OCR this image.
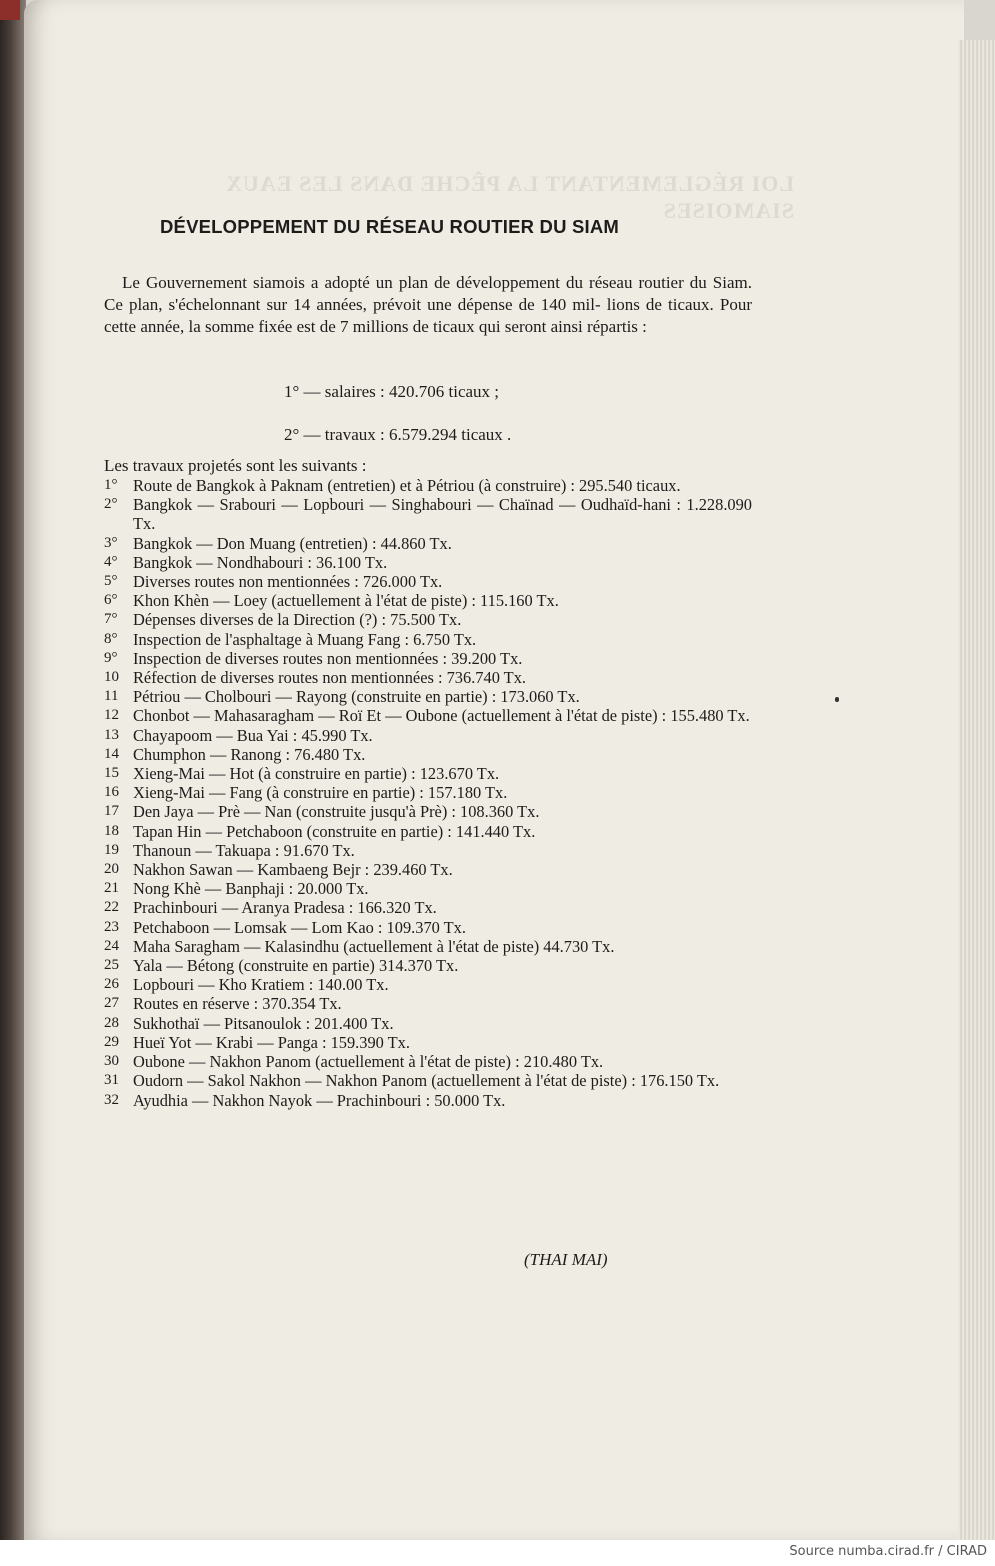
LOI RÉGLEMENTANT LA PÊCHE DANS LES EAUX SIAMOISES
DÉVELOPPEMENT DU RÉSEAU ROUTIER DU SIAM
Le Gouvernement siamois a adopté un plan de développement du réseau routier du Siam. Ce plan, s'échelonnant sur 14 années, prévoit une dépense de 140 mil- lions de ticaux. Pour cette année, la somme fixée est de 7 millions de ticaux qui seront ainsi répartis :
1° — salaires : 420.706 ticaux ;
2° — travaux : 6.579.294 ticaux .
Les travaux projetés sont les suivants :
1° Route de Bangkok à Paknam (entretien) et à Pétriou (à construire) : 295.540 ticaux.
2° Bangkok — Srabouri — Lopbouri — Singhabouri — Chaïnad — Oudhaïd-hani : 1.228.090 Tx.
3° Bangkok — Don Muang (entretien) : 44.860 Tx.
4° Bangkok — Nondhabouri : 36.100 Tx.
5° Diverses routes non mentionnées : 726.000 Tx.
6° Khon Khèn — Loey (actuellement à l'état de piste) : 115.160 Tx.
7° Dépenses diverses de la Direction (?) : 75.500 Tx.
8° Inspection de l'asphaltage à Muang Fang : 6.750 Tx.
9° Inspection de diverses routes non mentionnées : 39.200 Tx.
10 Réfection de diverses routes non mentionnées : 736.740 Tx.
11 Pétriou — Cholbouri — Rayong (construite en partie) : 173.060 Tx.
12 Chonbot — Mahasaragham — Roï Et — Oubone (actuellement à l'état de piste) : 155.480 Tx.
13 Chayapoom — Bua Yai : 45.990 Tx.
14 Chumphon — Ranong : 76.480 Tx.
15 Xieng-Mai — Hot (à construire en partie) : 123.670 Tx.
16 Xieng-Mai — Fang (à construire en partie) : 157.180 Tx.
17 Den Jaya — Prè — Nan (construite jusqu'à Prè) : 108.360 Tx.
18 Tapan Hin — Petchaboon (construite en partie) : 141.440 Tx.
19 Thanoun — Takuapa : 91.670 Tx.
20 Nakhon Sawan — Kambaeng Bejr : 239.460 Tx.
21 Nong Khè — Banphaji : 20.000 Tx.
22 Prachinbouri — Aranya Pradesa : 166.320 Tx.
23 Petchaboon — Lomsak — Lom Kao : 109.370 Tx.
24 Maha Saragham — Kalasindhu (actuellement à l'état de piste) 44.730 Tx.
25 Yala — Bétong (construite en partie) 314.370 Tx.
26 Lopbouri — Kho Kratiem : 140.00 Tx.
27 Routes en réserve : 370.354 Tx.
28 Sukhothaï — Pitsanoulok : 201.400 Tx.
29 Hueï Yot — Krabi — Panga : 159.390 Tx.
30 Oubone — Nakhon Panom (actuellement à l'état de piste) : 210.480 Tx.
31 Oudorn — Sakol Nakhon — Nakhon Panom (actuellement à l'état de piste) : 176.150 Tx.
32 Ayudhia — Nakhon Nayok — Prachinbouri : 50.000 Tx.
(THAI MAI)
Source numba.cirad.fr / CIRAD
